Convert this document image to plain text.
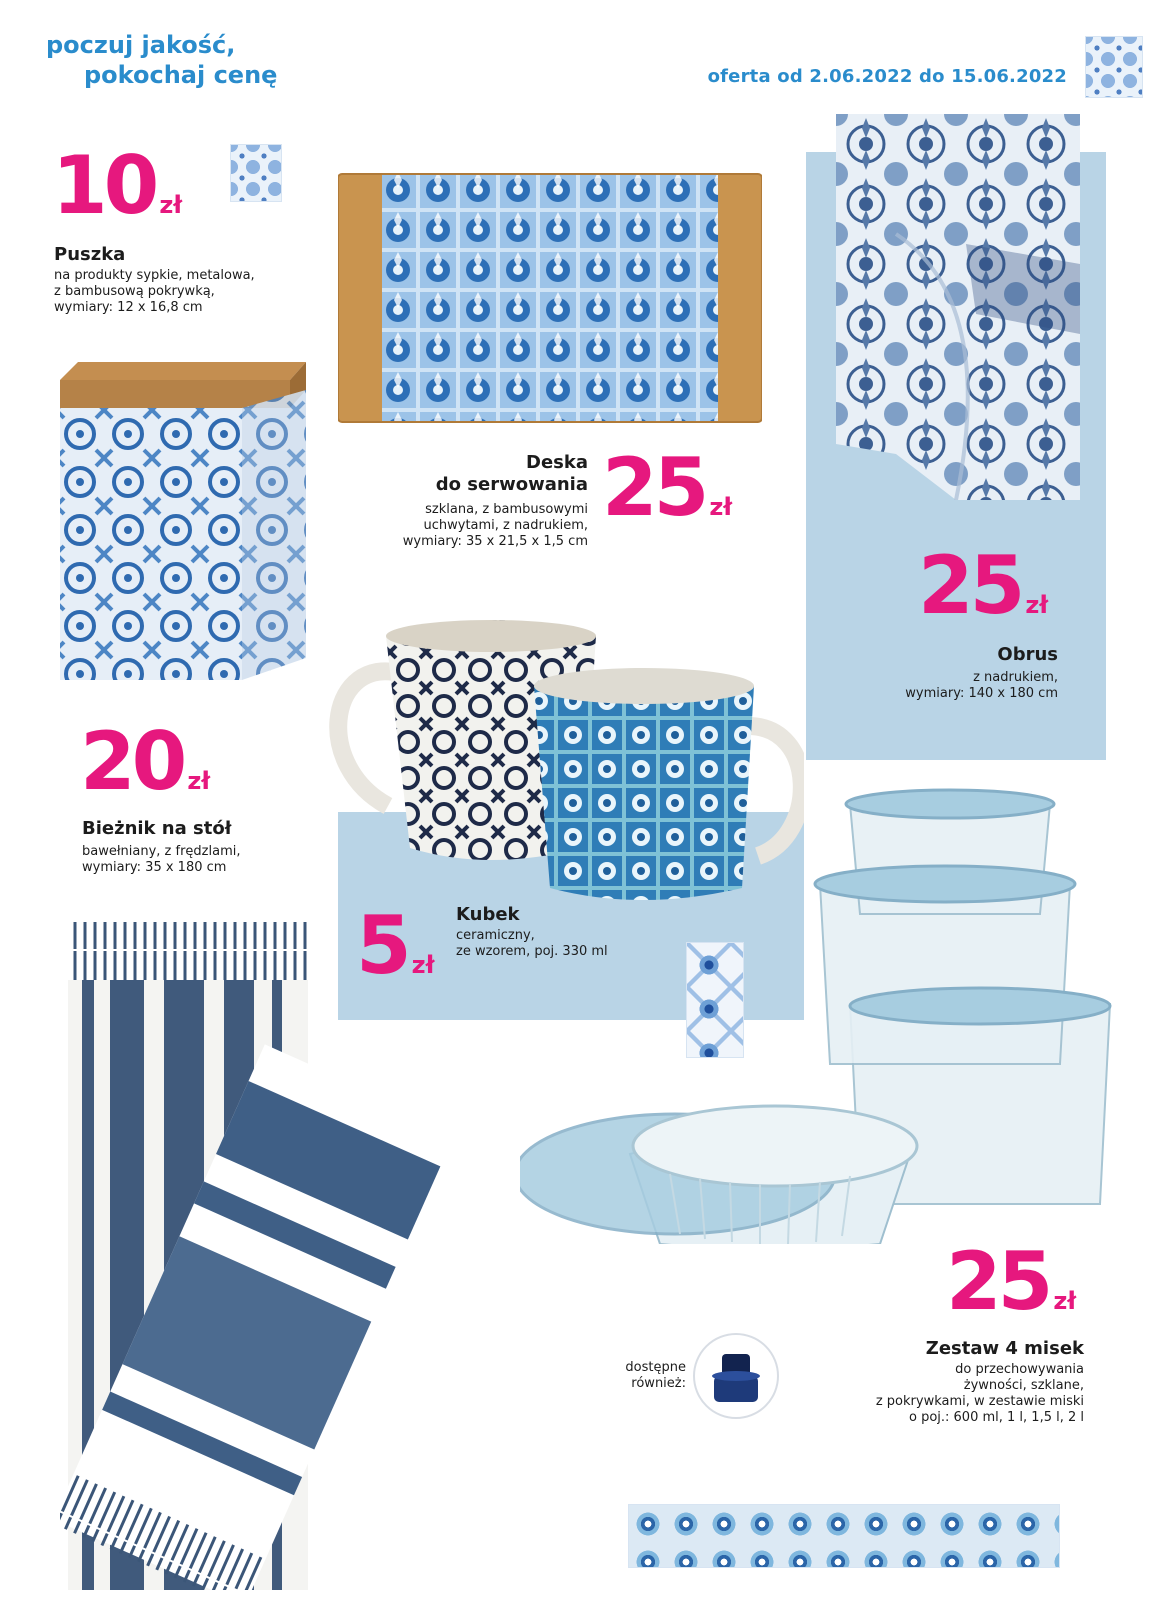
poczuj jakość,
pokochaj cenę	oferta od 2.06.2022 do 15.06.2022
10 zł
Puszka
na produkty sypkie, metalowa,
z bambusową pokrywką,
wymiary: 12 x 16,8 cm
Deska
do serwowania
szklana, z bambusowymi
uchwytami, z nadrukiem,
wymiary: 35 x 21,5 x 1,5 cm
25 zł
25 zł
Obrus
z nadrukiem,
wymiary: 140 x 180 cm
20 zł
Bieżnik na stół
bawełniany, z frędzlami,
wymiary: 35 x 180 cm
5 zł
Kubek
ceramiczny,
ze wzorem, poj. 330 ml
25 zł
Zestaw 4 misek
do przechowywania
żywności, szklane,
z pokrywkami, w zestawie miski
o poj.: 600 ml, 1 l, 1,5 l, 2 l
dostępne
również:
